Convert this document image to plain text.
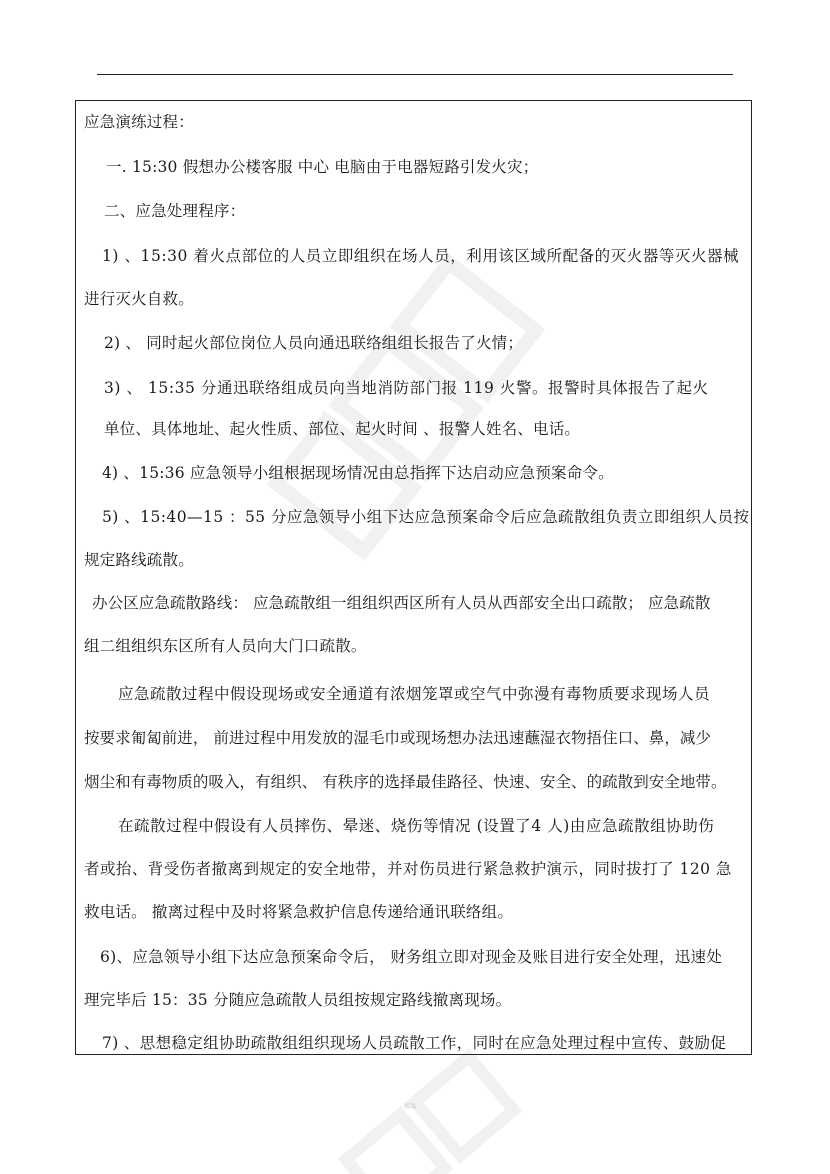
应急演练过程：
一. 15:30 假想办公楼客服 中心 电脑由于电器短路引发火灾；
二、应急处理程序：
1) 、15:30 着火点部位的人员立即组织在场人员，利用该区域所配备的灭火器等灭火器械
进行灭火自救。
2) 、 同时起火部位岗位人员向通迅联络组组长报告了火情；
3) 、 15:35 分通迅联络组成员向当地消防部门报 119 火警。报警时具体报告了起火
单位、具体地址、起火性质、部位、起火时间 、报警人姓名、电话。
4) 、15:36 应急领导小组根据现场情况由总指挥下达启动应急预案命令。
5) 、15:40—15 ：55 分应急领导小组下达应急预案命令后应急疏散组负责立即组织人员按
规定路线疏散。
办公区应急疏散路线： 应急疏散组一组组织西区所有人员从西部安全出口疏散； 应急疏散
组二组组织东区所有人员向大门口疏散。
应急疏散过程中假设现场或安全通道有浓烟笼罩或空气中弥漫有毒物质要求现场人员
按要求匍匐前进， 前进过程中用发放的湿毛巾或现场想办法迅速蘸湿衣物捂住口、鼻，减少
烟尘和有毒物质的吸入，有组织、 有秩序的选择最佳路径、快速、安全、的疏散到安全地带。
在疏散过程中假设有人员摔伤、晕迷、烧伤等情况 (设置了4 人)由应急疏散组协助伤
者或抬、背受伤者撤离到规定的安全地带，并对伤员进行紧急救护演示，同时拔打了 120 急
救电话。 撤离过程中及时将紧急救护信息传递给通讯联络组。
6)、应急领导小组下达应急预案命令后， 财务组立即对现金及账目进行安全处理，迅速处
理完毕后 15：35 分随应急疏散人员组按规定路线撤离现场。
7) 、思想稳定组协助疏散组组织现场人员疏散工作，同时在应急处理过程中宣传、鼓励促
精品
